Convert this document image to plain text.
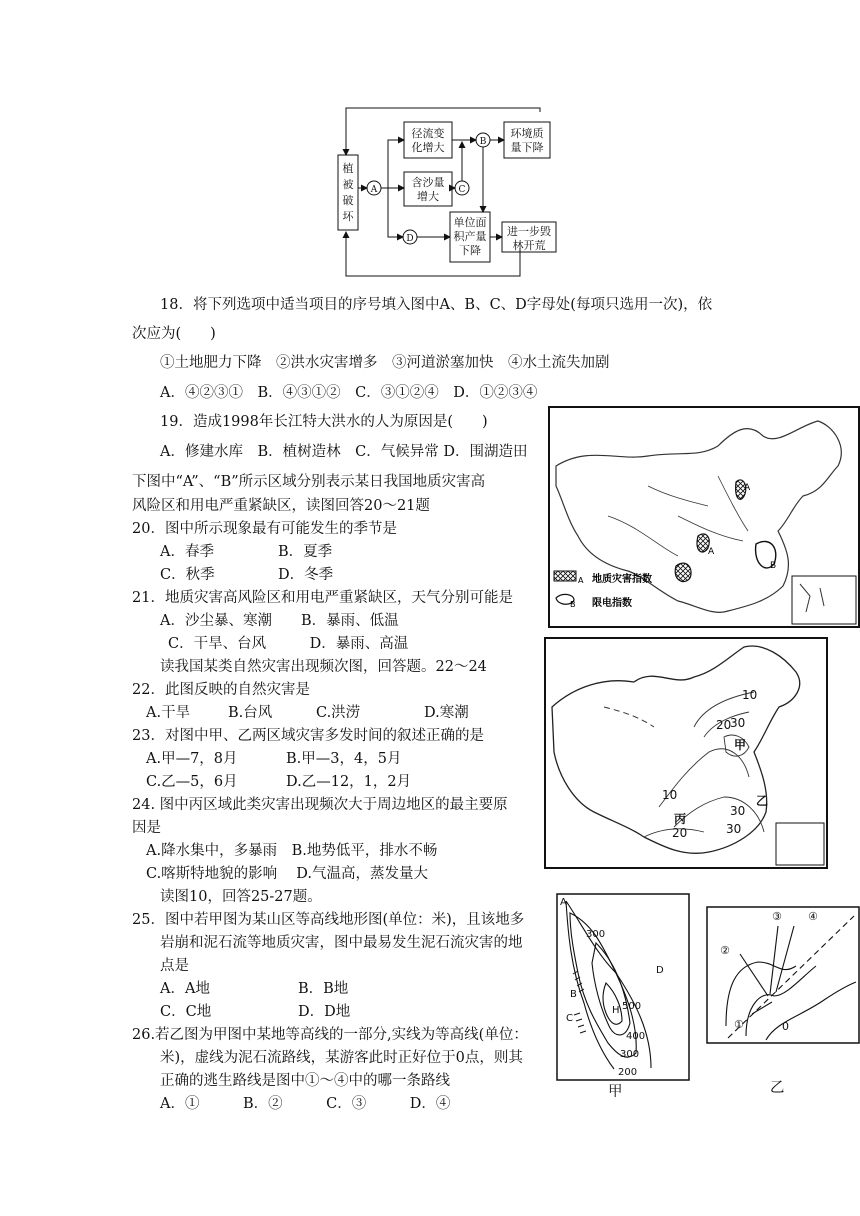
植
被
破
坏
A
B
C
D
径流变
化增大
含沙量
增大
环境质
量下降
单位面
积产量
下降
进一步毁
林开荒
18．将下列选项中适当项目的序号填入图中A、B、C、D字母处(每项只选用一次)，依
次应为(　　)
①土地肥力下降　②洪水灾害增多　③河道淤塞加快　④水土流失加剧
A．④②③①　B．④③①②　C．③①②④　D．①②③④
19．造成1998年长江特大洪水的人为原因是(　　)
A．修建水库　B．植树造林　C．气候异常 D．围湖造田
下图中“A”、“B”所示区域分别表示某日我国地质灾害高
风险区和用电严重紧缺区，读图回答20～21题
20．图中所示现象最有可能发生的季节是
A．春季	B．夏季
C．秋季	D．冬季
21．地质灾害高风险区和用电严重紧缺区，天气分别可能是
A．沙尘暴、寒潮　　B．暴雨、低温
C．干旱、台风　　　D．暴雨、高温
读我国某类自然灾害出现频次图，回答题。22～24
22．此图反映的自然灾害是
A.干旱	B.台风	C.洪涝	D.寒潮
23．对图中甲、乙两区域灾害多发时间的叙述正确的是
A.甲—7，8月	B.甲—3，4，5月
C.乙—5，6月	D.乙—12，1，2月
24. 图中丙区域此类灾害出现频次大于周边地区的最主要原
因是
A.降水集中，多暴雨　B.地势低平，排水不畅
C.喀斯特地貌的影响　 D.气温高，蒸发量大
读图10，回答25-27题。
25．图中若甲图为某山区等高线地形图(单位：米)，且该地多
岩崩和泥石流等地质灾害，图中最易发生泥石流灾害的地
点是
A．A地	B．B地
C．C地	D．D地
26.若乙图为甲图中某地等高线的一部分,实线为等高线(单位：
米)，虚线为泥石流路线，某游客此时正好位于0点，则其
正确的逃生路线是图中①～④中的哪一条路线
A．①　　　B．②　　　C．③　　　D．④
A
A
B
A 地质灾害指数
B 限电指数
10
20
30
10
30
30
20
甲
乙
丙
A
B
C
D
H
300
500
400
300
200
甲
①
②
③ ④
0
乙
